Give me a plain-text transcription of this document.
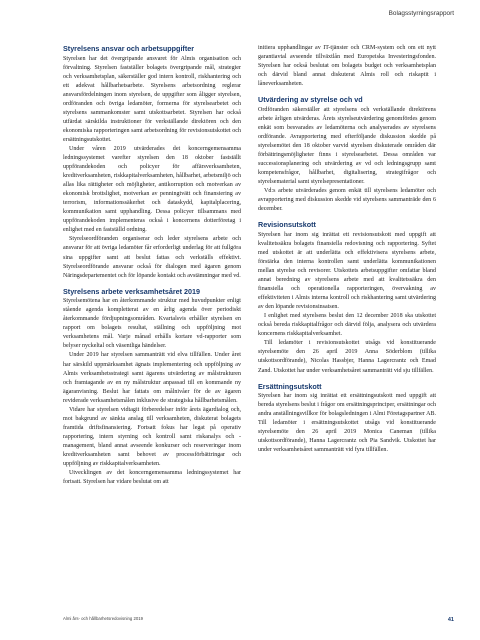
Bolagsstyrningsrapport
Styrelsens ansvar och arbetsuppgifter

Styrelsen har det övergripande ansvaret för Almis organisation och förvaltning. Styrelsen fastställer bolagets övergripande mål, strategier och verksamhetsplan, säkerställer god intern kontroll, riskhantering och ett adekvat hållbarhetsarbete. Styrelsens arbetsordning reglerar ansvarsfördelningen inom styrelsen, de uppgifter som åligger styrelsen, ordföranden och övriga ledamöter, formerna för styrelsearbetet och styrelsens sammankomster samt utskottsarbetet. Styrelsen har också utfärdat särskilda instruktioner för verkställande direktören och den ekonomiska rapporteringen samt arbetsordning för revisionsutskottet och ersättningsutskottet.

Under våren 2019 utvärderades det koncerngemensamma ledningssystemet varefter styrelsen den 18 oktober fastställt uppförandekoden och policyer för affärsverksamheten, kreditverksamheten, riskkapitalverksamheten, hållbarhet, arbetsmiljö och allas lika rättigheter och möjligheter, antikorruption och motverkan av ekonomisk brottslighet, motverkan av penningtvätt och finansiering av terrorism, informationssäkerhet och dataskydd, kapitalplacering, kommunikation samt upphandling. Dessa policyer tillsammans med uppförandekoden implementeras också i koncernens dotterföretag i enlighet med en fastställd ordning.

Styrelseordföranden organiserar och leder styrelsens arbete och ansvarar för att övriga ledamöter får erforderligt underlag för att fullgöra sina uppgifter samt att beslut fattas och verkställs effektivt. Styrelseordförande ansvarar också för dialogen med ägaren genom Näringsdepartementet och för löpande kontakt och avstämningar med vd.

Styrelsens arbete verksamhetsåret 2019

Styrelsemötena har en återkommande struktur med huvudpunkter enligt stående agenda kompletterat av en årlig agenda över periodiskt återkommande fördjupningsområden. Kvartalsvis erhåller styrelsen en rapport om bolagets resultat, ställning och uppföljning mot verksamhetens mål. Varje månad erhålls kortare vd-rapporter som belyser nyckeltal och väsentliga händelser.

Under 2019 har styrelsen sammanträtt vid elva tillfällen. Under året har särskild uppmärksamhet ägnats implementering och uppföljning av Almis verksamhetsstrategi samt ägarens utvärdering av målstrukturen och framtagande av en ny målstruktur anpassad till en kommande ny ägaranvisning. Beslut har fattats om målnivåer för de av ägaren reviderade verksamhetsmålen inklusive de strategiska hållbarhetsmålen.

Vidare har styrelsen vidtagit förberedelser inför årets ägardialog och, mot bakgrund av sänkta anslag till verksamheten, diskuterat bolagets framtida driftsfinansiering. Fortsatt fokus har legat på operativ rapportering, intern styrning och kontroll samt riskanalys och -management, bland annat avseende konkurser och reserveringar inom kreditverksamheten samt behovet av processförbättringar och uppföljning av riskkapitalverksamheten.

Utvecklingen av det koncerngemensamma ledningssystemet har fortsatt. Styrelsen har vidare beslutat om att

initiera upphandlingar av IT-tjänster och CRM-system och om ett nytt garantiavtal avseende tillväxtlån med Europeiska Investeringsfonden. Styrelsen har också beslutat om bolagets budget och verksamhetsplan och därvid bland annat diskuterat Almis roll och riskaptit i låneverksamheten.

Utvärdering av styrelse och vd

Ordföranden säkerställer att styrelsens och verkställande direktörens arbete årligen utvärderas. Årets styrelseutvärdering genomfördes genom enkät som besvarades av ledamöterna och analyserades av styrelsens ordförande. Avrapportering med efterföljande diskussion skedde på styrelsemötet den 18 oktober varvid styrelsen diskuterade områden där förbättringsmöjligheter finns i styrelsearbetet. Dessa områden var successionsplanering och utvärdering av vd och ledningsgrupp samt kompetensfrågor, hållbarhet, digitalisering, strategifrågor och styrelsematerial samt styrelsepresentationer.

Vd:s arbete utvärderades genom enkät till styrelsens ledamöter och avrapportering med diskussion skedde vid styrelsens sammanträde den 6 december.

Revisionsutskott

Styrelsen har inom sig inrättat ett revisionsutskott med uppgift att kvalitetssäkra bolagets finansiella redovisning och rapportering. Syftet med utskottet är att underlätta och effektivisera styrelsens arbete, förstärka den interna kontrollen samt underlätta kommunikationen mellan styrelse och revisorer. Utskottets arbetsuppgifter omfattar bland annat beredning av styrelsens arbete med att kvalitetssäkra den finansiella och operationella rapporteringen, övervakning av effektiviteten i Almis interna kontroll och riskhantering samt utvärdering av den löpande revisionsinsatsen.

I enlighet med styrelsens beslut den 12 december 2018 ska utskottet också bereda riskkapitalfrågor och därvid följa, analysera och utvärdera koncernens riskkapitalverksamhet.

Till ledamöter i revisionsutskottet utsågs vid konstituerande styrelsemöte den 26 april 2019 Anna Söderblom (tillika utskottsordförande), Nicolas Hassbjer, Hanna Lagercrantz och Emad Zand. Utskottet har under verksamhetsåret sammanträtt vid sju tillfällen.

Ersättningsutskott

Styrelsen har inom sig inrättat ett ersättningsutskott med uppgift att bereda styrelsens beslut i frågor om ersättningsprinciper, ersättningar och andra anställningsvillkor för bolagsledningen i Almi Företagspartner AB. Till ledamöter i ersättningsutskottet utsågs vid konstituerande styrelsemöte den 26 april 2019 Monica Caneman (tillika utskottsordförande), Hanna Lagercrantz och Pia Sandvik. Utskottet har under verksamhetsåret sammanträtt vid fyra tillfällen.

Almi års- och hållbarhetsredovisning 2019	41
